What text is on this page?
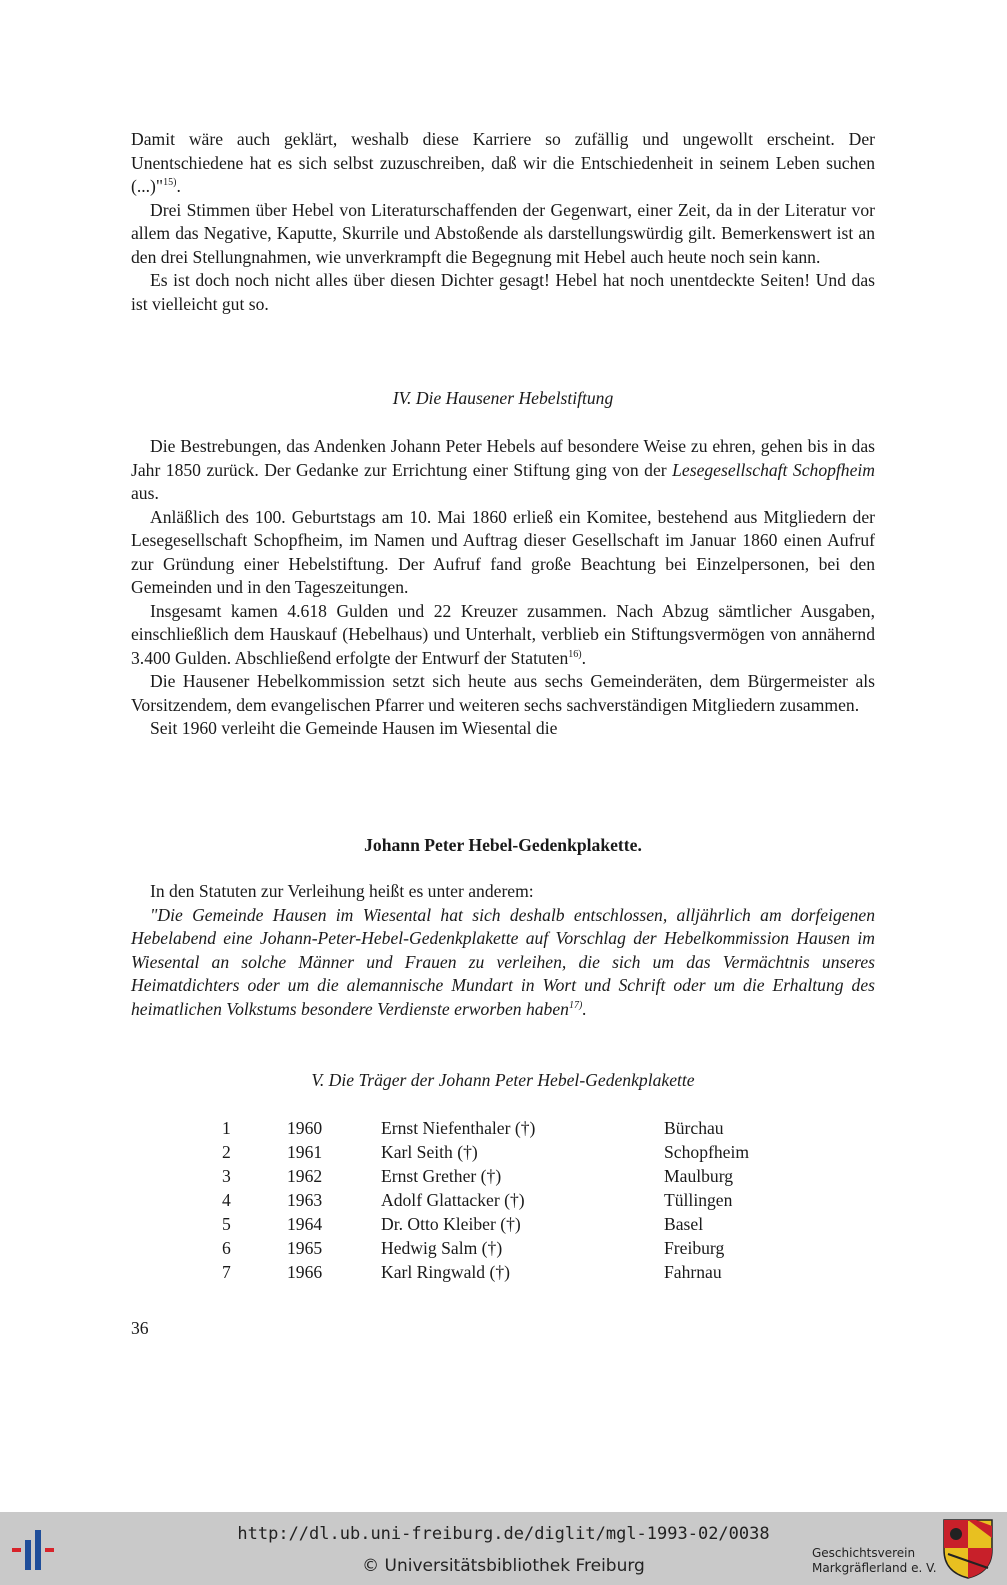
Damit wäre auch geklärt, weshalb diese Karriere so zufällig und ungewollt erscheint. Der Unentschiedene hat es sich selbst zuzuschreiben, daß wir die Entschiedenheit in seinem Leben suchen (...)"$^{15)}$.

Drei Stimmen über Hebel von Literaturschaffenden der Gegenwart, einer Zeit, da in der Literatur vor allem das Negative, Kaputte, Skurrile und Abstoßende als darstellungswürdig gilt. Bemerkenswert ist an den drei Stellungnahmen, wie unverkrampft die Begegnung mit Hebel auch heute noch sein kann.

Es ist doch noch nicht alles über diesen Dichter gesagt! Hebel hat noch unentdeckte Seiten! Und das ist vielleicht gut so.

IV. Die Hausener Hebelstiftung

Die Bestrebungen, das Andenken Johann Peter Hebels auf besondere Weise zu ehren, gehen bis in das Jahr 1850 zurück. Der Gedanke zur Errichtung einer Stiftung ging von der Lesegesellschaft Schopfheim aus.

Anläßlich des 100. Geburtstags am 10. Mai 1860 erließ ein Komitee, bestehend aus Mitgliedern der Lesegesellschaft Schopfheim, im Namen und Auftrag dieser Gesellschaft im Januar 1860 einen Aufruf zur Gründung einer Hebelstiftung. Der Aufruf fand große Beachtung bei Einzelpersonen, bei den Gemeinden und in den Tageszeitungen.

Insgesamt kamen 4.618 Gulden und 22 Kreuzer zusammen. Nach Abzug sämtlicher Ausgaben, einschließlich dem Hauskauf (Hebelhaus) und Unterhalt, verblieb ein Stiftungsvermögen von annähernd 3.400 Gulden. Abschließend erfolgte der Entwurf der Statuten$^{16)}$.

Die Hausener Hebelkommission setzt sich heute aus sechs Gemeinderäten, dem Bürgermeister als Vorsitzendem, dem evangelischen Pfarrer und weiteren sechs sachverständigen Mitgliedern zusammen.

Seit 1960 verleiht die Gemeinde Hausen im Wiesental die

Johann Peter Hebel-Gedenkplakette.

In den Statuten zur Verleihung heißt es unter anderem:

"Die Gemeinde Hausen im Wiesental hat sich deshalb entschlossen, alljährlich am dorfeigenen Hebelabend eine Johann-Peter-Hebel-Gedenkplakette auf Vorschlag der Hebelkommission Hausen im Wiesental an solche Männer und Frauen zu verleihen, die sich um das Vermächtnis unseres Heimatdichters oder um die alemannische Mundart in Wort und Schrift oder um die Erhaltung des heimatlichen Volkstums besondere Verdienste erworben haben$^{17)}$.

V. Die Träger der Johann Peter Hebel-Gedenkplakette
1	1960	Ernst Niefenthaler (†)	Bürchau
2	1961	Karl Seith (†)	Schopfheim
3	1962	Ernst Grether (†)	Maulburg
4	1963	Adolf Glattacker (†)	Tüllingen
5	1964	Dr. Otto Kleiber (†)	Basel
6	1965	Hedwig Salm (†)	Freiburg
7	1966	Karl Ringwald (†)	Fahrnau
36
http://dl.ub.uni-freiburg.de/diglit/mgl-1993-02/0038
© Universitätsbibliothek Freiburg
Geschichtsverein
Markgräflerland e. V.
